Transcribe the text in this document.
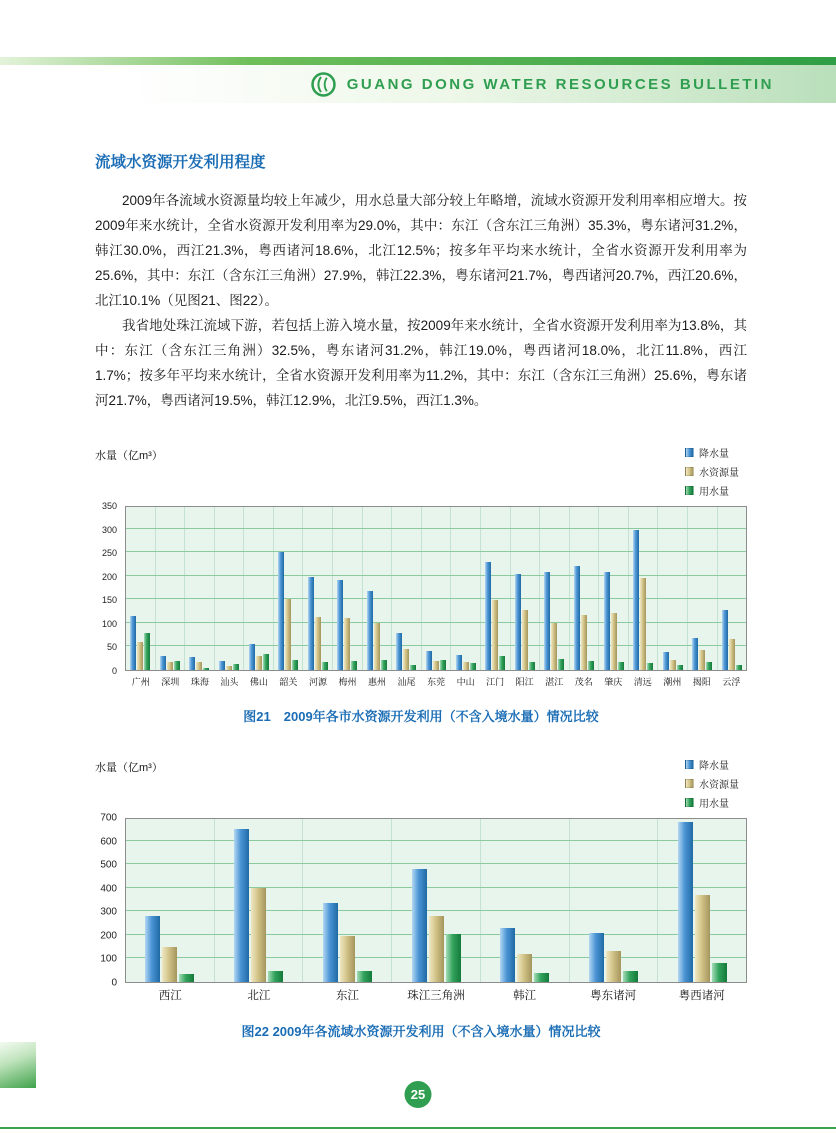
GUANG DONG WATER RESOURCES BULLETIN
流域水资源开发利用程度

2009年各流域水资源量均较上年减少，用水总量大部分较上年略增，流域水资源开发利用率相应增大。按2009年来水统计，全省水资源开发利用率为29.0%，其中：东江（含东江三角洲）35.3%，粤东诸河31.2%，韩江30.0%，西江21.3%，粤西诸河18.6%，北江12.5%；按多年平均来水统计，全省水资源开发利用率为25.6%，其中：东江（含东江三角洲）27.9%，韩江22.3%，粤东诸河21.7%，粤西诸河20.7%，西江20.6%，北江10.1%（见图21、图22）。

我省地处珠江流域下游，若包括上游入境水量，按2009年来水统计，全省水资源开发利用率为13.8%，其中：东江（含东江三角洲）32.5%，粤东诸河31.2%，韩江19.0%，粤西诸河18.0%，北江11.8%，西江1.7%；按多年平均来水统计，全省水资源开发利用率为11.2%，其中：东江（含东江三角洲）25.6%，粤东诸河21.7%，粤西诸河19.5%，韩江12.9%，北江9.5%，西江1.3%。

水量（亿m³）	降水量
水资源量
用水量
0
50
100
150
200
250
300
350
广州	深圳	珠海	汕头	佛山	韶关	河源	梅州	惠州	汕尾	东莞	中山	江门	阳江	湛江	茂名	肇庆	清远	潮州	揭阳	云浮
图21　2009年各市水资源开发利用（不含入境水量）情况比较
水量（亿m³）	降水量
水资源量
用水量
0
100
200
300
400
500
600
700
西江	北江	东江	珠江三角洲	韩江	粤东诸河	粤西诸河
图22 2009年各流域水资源开发利用（不含入境水量）情况比较
25
